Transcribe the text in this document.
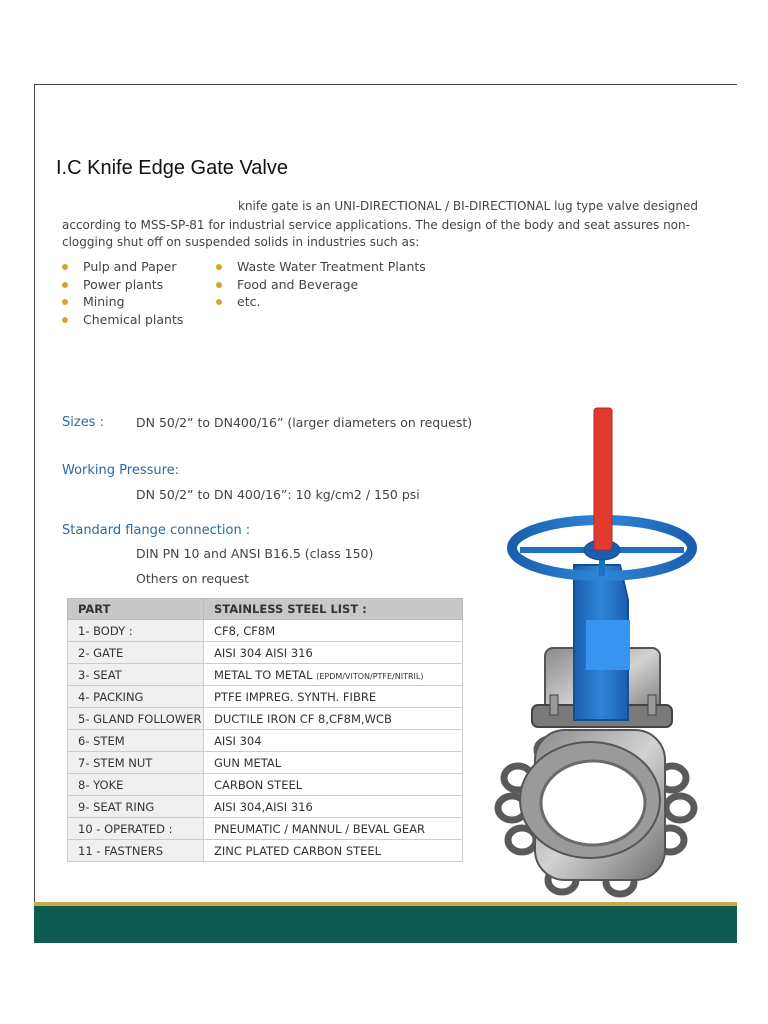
I.C Knife Edge Gate Valve
knife gate is an UNI-DIRECTIONAL / BI-DIRECTIONAL lug type valve designed
according to MSS-SP-81 for industrial service applications. The design of the body and seat assures non-
clogging shut off on suspended solids in industries such as:
Pulp and Paper
Power plants
Mining
Chemical plants
Waste Water Treatment Plants
Food and Beverage
etc.
Sizes :	DN 50/2” to DN400/16” (larger diameters on request)
Working Pressure:
DN 50/2” to DN 400/16”: 10 kg/cm2 / 150 psi
Standard flange connection :
DIN PN 10 and ANSI B16.5 (class 150)
Others on request
PART	STAINLESS STEEL LIST :
1- BODY :	CF8, CF8M
2- GATE	AISI 304 AISI 316
3- SEAT	METAL TO METAL (EPDM/VITON/PTFE/NITRIL)
4- PACKING	PTFE IMPREG. SYNTH. FIBRE
5- GLAND FOLLOWER	DUCTILE IRON CF 8,CF8M,WCB
6- STEM	AISI 304
7- STEM NUT	GUN METAL
8- YOKE	CARBON STEEL
9- SEAT RING	AISI 304,AISI 316
10 - OPERATED :	PNEUMATIC / MANNUL / BEVAL GEAR
11 - FASTNERS	ZINC PLATED CARBON STEEL
